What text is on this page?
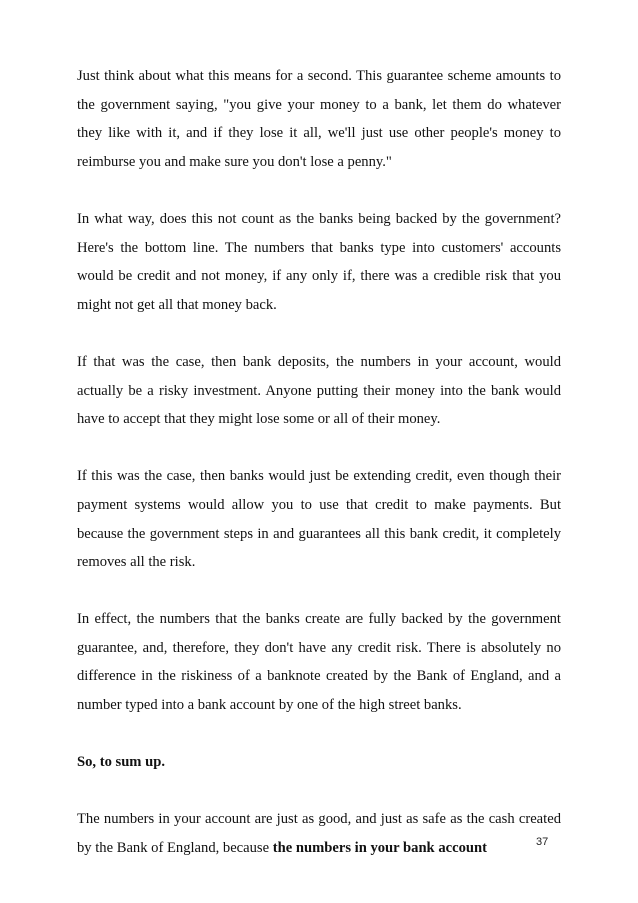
Just think about what this means for a second. This guarantee scheme amounts to the government saying, "you give your money to a bank, let them do whatever they like with it, and if they lose it all, we'll just use other people's money to reimburse you and make sure you don't lose a penny."

In what way, does this not count as the banks being backed by the government? Here's the bottom line. The numbers that banks type into customers' accounts would be credit and not money, if any only if, there was a credible risk that you might not get all that money back.

If that was the case, then bank deposits, the numbers in your account, would actually be a risky investment. Anyone putting their money into the bank would have to accept that they might lose some or all of their money.

If this was the case, then banks would just be extending credit, even though their payment systems would allow you to use that credit to make payments. But because the government steps in and guarantees all this bank credit, it completely removes all the risk.

In effect, the numbers that the banks create are fully backed by the government guarantee, and, therefore, they don't have any credit risk. There is absolutely no difference in the riskiness of a banknote created by the Bank of England, and a number typed into a bank account by one of the high street banks.

So, to sum up.

The numbers in your account are just as good, and just as safe as the cash created by the Bank of England, because the numbers in your bank account	37
